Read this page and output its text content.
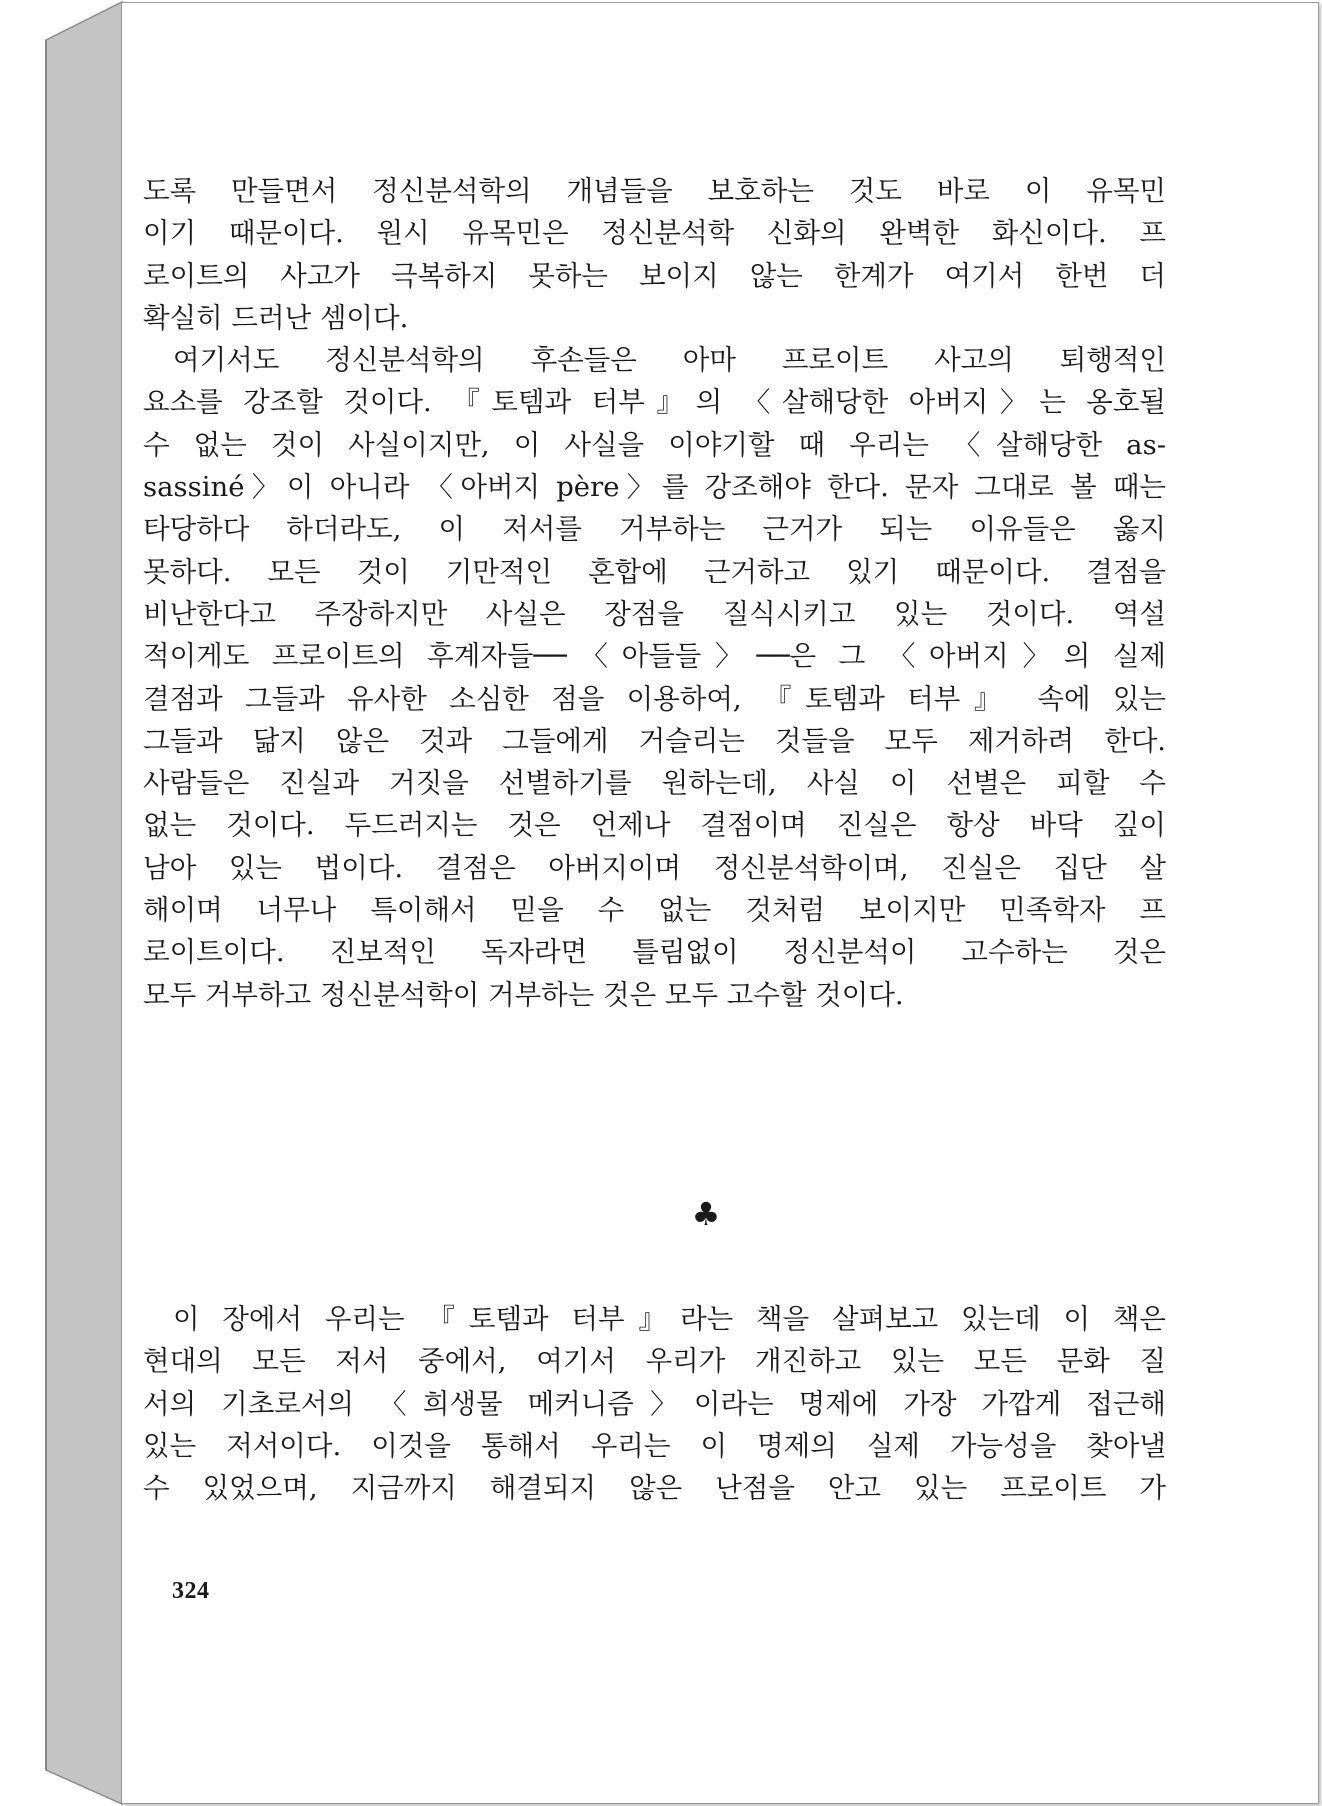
도록 만들면서 정신분석학의 개념들을 보호하는 것도 바로 이 유목민
이기 때문이다. 원시 유목민은 정신분석학 신화의 완벽한 화신이다. 프
로이트의 사고가 극복하지 못하는 보이지 않는 한계가 여기서 한번 더
확실히 드러난 셈이다.
여기서도 정신분석학의 후손들은 아마 프로이트 사고의 퇴행적인
요소를 강조할 것이다. 『토템과 터부』의 〈살해당한 아버지〉는 옹호될
수 없는 것이 사실이지만, 이 사실을 이야기할 때 우리는 〈살해당한 as-
sassiné〉이 아니라 〈아버지 père〉를 강조해야 한다. 문자 그대로 볼 때는
타당하다 하더라도, 이 저서를 거부하는 근거가 되는 이유들은 옳지
못하다. 모든 것이 기만적인 혼합에 근거하고 있기 때문이다. 결점을
비난한다고 주장하지만 사실은 장점을 질식시키고 있는 것이다. 역설
적이게도 프로이트의 후계자들──〈아들들〉──은 그 〈아버지〉의 실제
결점과 그들과 유사한 소심한 점을 이용하여, 『토템과 터부』 속에 있는
그들과 닮지 않은 것과 그들에게 거슬리는 것들을 모두 제거하려 한다.
사람들은 진실과 거짓을 선별하기를 원하는데, 사실 이 선별은 피할 수
없는 것이다. 두드러지는 것은 언제나 결점이며 진실은 항상 바닥 깊이
남아 있는 법이다. 결점은 아버지이며 정신분석학이며, 진실은 집단 살
해이며 너무나 특이해서 믿을 수 없는 것처럼 보이지만 민족학자 프
로이트이다. 진보적인 독자라면 틀림없이 정신분석이 고수하는 것은
모두 거부하고 정신분석학이 거부하는 것은 모두 고수할 것이다.
♣
이 장에서 우리는 『토템과 터부』라는 책을 살펴보고 있는데 이 책은
현대의 모든 저서 중에서, 여기서 우리가 개진하고 있는 모든 문화 질
서의 기초로서의 〈희생물 메커니즘〉이라는 명제에 가장 가깝게 접근해
있는 저서이다. 이것을 통해서 우리는 이 명제의 실제 가능성을 찾아낼
수 있었으며, 지금까지 해결되지 않은 난점을 안고 있는 프로이트 가
324
